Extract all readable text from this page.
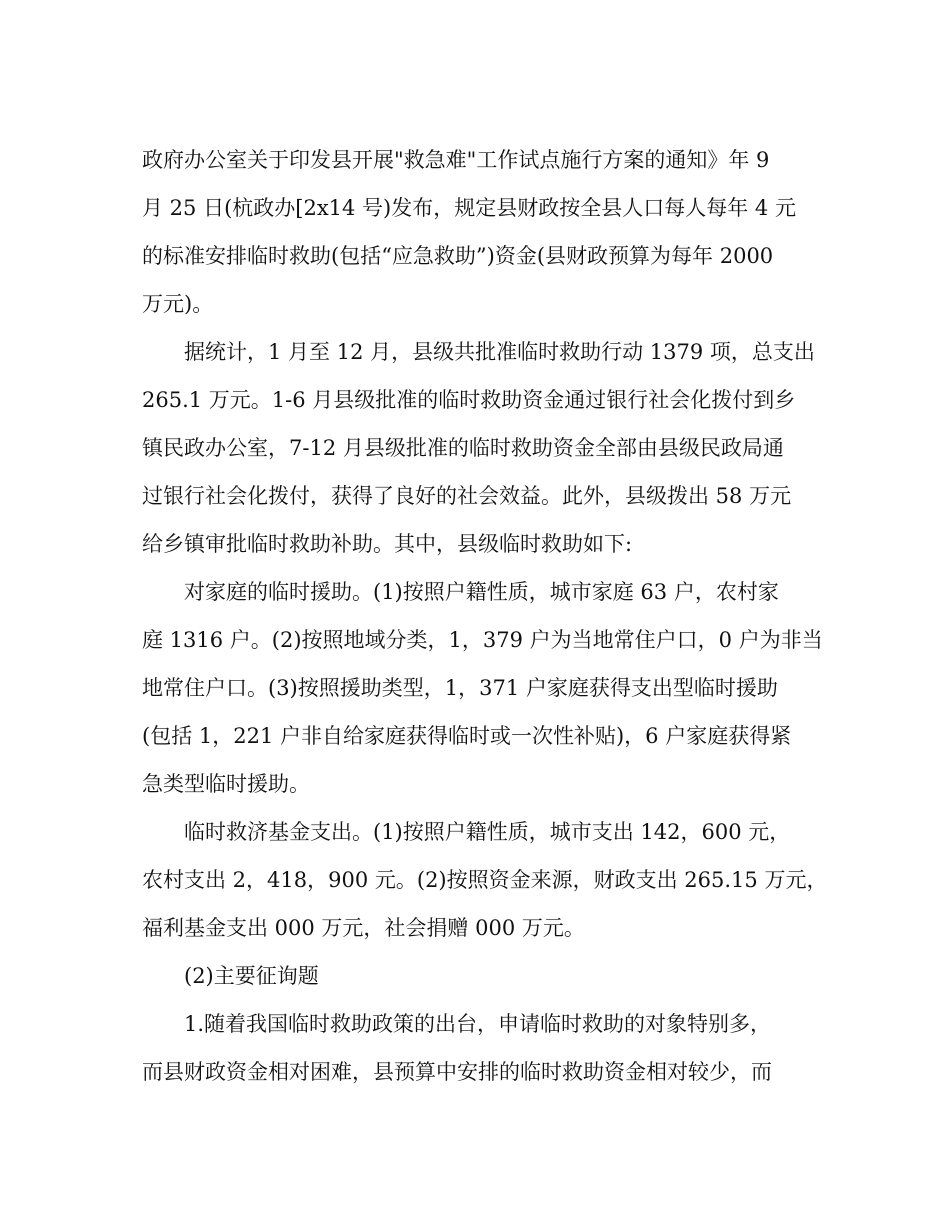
政府办公室关于印发县开展"救急难"工作试点施行方案的通知》年 9
月 25 日(杭政办[2x14 号)发布，规定县财政按全县人口每人每年 4 元
的标准安排临时救助(包括“应急救助”)资金(县财政预算为每年 2000
万元)。
据统计，1 月至 12 月，县级共批准临时救助行动 1379 项，总支出
265.1 万元。1-6 月县级批准的临时救助资金通过银行社会化拨付到乡
镇民政办公室，7-12 月县级批准的临时救助资金全部由县级民政局通
过银行社会化拨付，获得了良好的社会效益。此外，县级拨出 58 万元
给乡镇审批临时救助补助。其中，县级临时救助如下:
对家庭的临时援助。(1)按照户籍性质，城市家庭 63 户，农村家
庭 1316 户。(2)按照地域分类，1，379 户为当地常住户口，0 户为非当
地常住户口。(3)按照援助类型，1，371 户家庭获得支出型临时援助
(包括 1，221 户非自给家庭获得临时或一次性补贴)，6 户家庭获得紧
急类型临时援助。
临时救济基金支出。(1)按照户籍性质，城市支出 142，600 元，
农村支出 2，418，900 元。(2)按照资金来源，财政支出 265.15 万元，
福利基金支出 000 万元，社会捐赠 000 万元。
(2)主要征询题
1.随着我国临时救助政策的出台，申请临时救助的对象特别多，
而县财政资金相对困难，县预算中安排的临时救助资金相对较少，而
